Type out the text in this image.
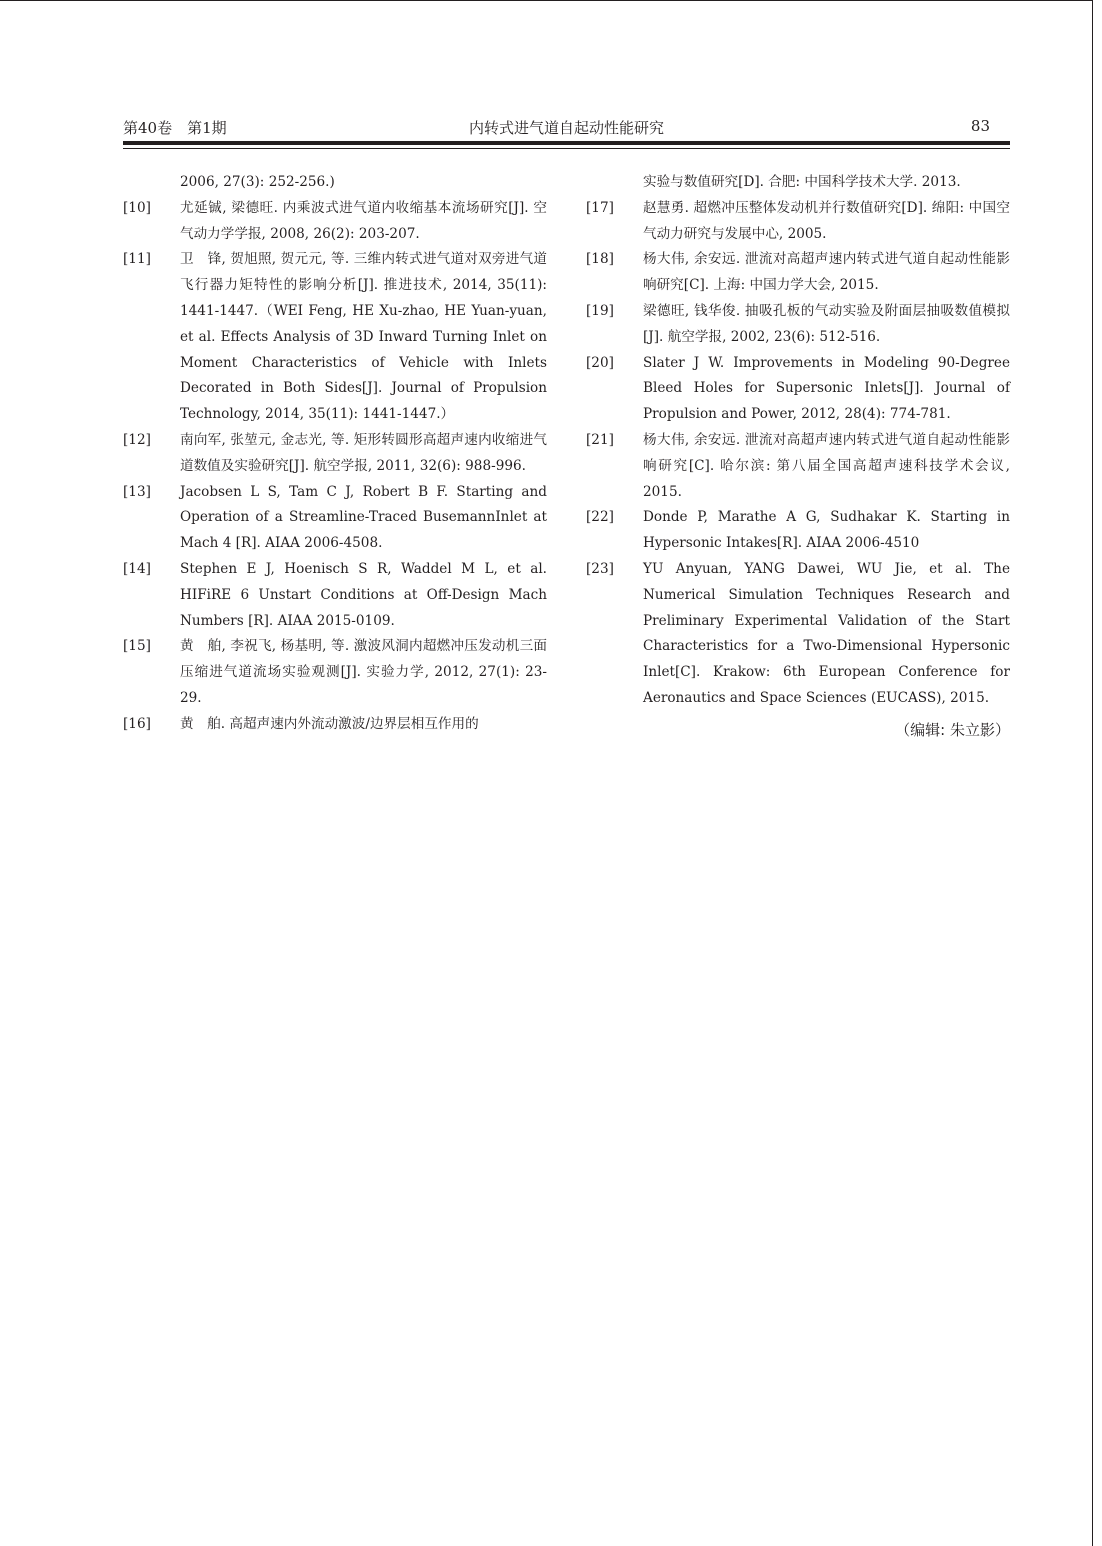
第40卷　第1期	内转式进气道自起动性能研究	83
2006, 27(3): 252-256.)
[10] 尤延铖, 梁德旺. 内乘波式进气道内收缩基本流场研究[J]. 空气动力学学报, 2008, 26(2): 203-207.
[11] 卫　锋, 贺旭照, 贺元元, 等. 三维内转式进气道对双旁进气道飞行器力矩特性的影响分析[J]. 推进技术, 2014, 35(11): 1441-1447.（WEI Feng, HE Xu-zhao, HE Yuan-yuan, et al. Effects Analysis of 3D Inward Turning Inlet on Moment Characteristics of Vehicle with Inlets Decorated in Both Sides[J]. Journal of Propulsion Technology, 2014, 35(11): 1441-1447.）
[12] 南向军, 张堃元, 金志光, 等. 矩形转圆形高超声速内收缩进气道数值及实验研究[J]. 航空学报, 2011, 32(6): 988-996.
[13] Jacobsen L S, Tam C J, Robert B F. Starting and Operation of a Streamline-Traced BusemannInlet at Mach 4 [R]. AIAA 2006-4508.
[14] Stephen E J, Hoenisch S R, Waddel M L, et al. HIFiRE 6 Unstart Conditions at Off-Design Mach Numbers [R]. AIAA 2015-0109.
[15] 黄　舶, 李祝飞, 杨基明, 等. 激波风洞内超燃冲压发动机三面压缩进气道流场实验观测[J]. 实验力学, 2012, 27(1): 23-29.
[16] 黄　舶. 高超声速内外流动激波/边界层相互作用的
实验与数值研究[D]. 合肥: 中国科学技术大学. 2013.
[17] 赵慧勇. 超燃冲压整体发动机并行数值研究[D]. 绵阳: 中国空气动力研究与发展中心, 2005.
[18] 杨大伟, 余安远. 泄流对高超声速内转式进气道自起动性能影响研究[C]. 上海: 中国力学大会, 2015.
[19] 梁德旺, 钱华俊. 抽吸孔板的气动实验及附面层抽吸数值模拟[J]. 航空学报, 2002, 23(6): 512-516.
[20] Slater J W. Improvements in Modeling 90-Degree Bleed Holes for Supersonic Inlets[J]. Journal of Propulsion and Power, 2012, 28(4): 774-781.
[21] 杨大伟, 余安远. 泄流对高超声速内转式进气道自起动性能影响研究[C]. 哈尔滨: 第八届全国高超声速科技学术会议, 2015.
[22] Donde P, Marathe A G, Sudhakar K. Starting in Hypersonic Intakes[R]. AIAA 2006-4510
[23] YU Anyuan, YANG Dawei, WU Jie, et al. The Numerical Simulation Techniques Research and Preliminary Experimental Validation of the Start Characteristics for a Two-Dimensional Hypersonic Inlet[C]. Krakow: 6th European Conference for Aeronautics and Space Sciences (EUCASS), 2015.
（编辑: 朱立影）
